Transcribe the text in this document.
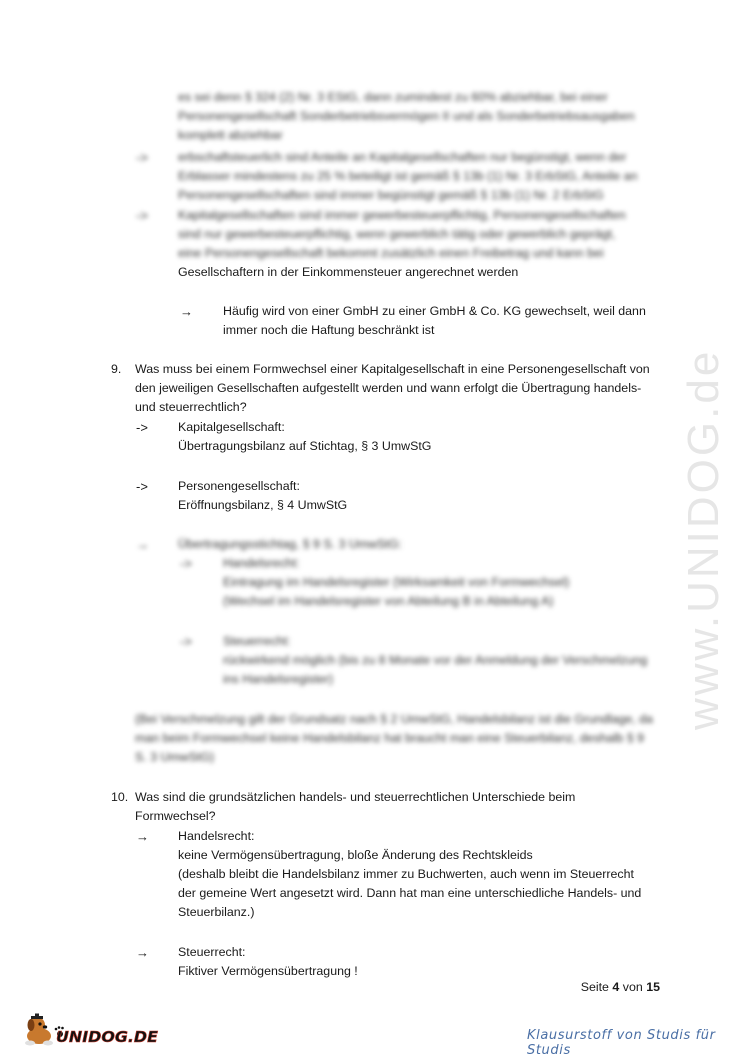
es sei denn § 324 (2) Nr. 3 EStG, dann zumindest zu 60% abziehbar, bei einer
Personengesellschaft Sonderbetriebsvermögen II und als Sonderbetriebsausgaben
komplett abziehbar
-> erbschaftsteuerlich sind Anteile an Kapitalgesellschaften nur begünstigt, wenn der
Erblasser mindestens zu 25 % beteiligt ist gemäß § 13b (1) Nr. 3 ErbStG, Anteile an
Personengesellschaften sind immer begünstigt gemäß § 13b (1) Nr. 2 ErbStG
-> Kapitalgesellschaften sind immer gewerbesteuerpflichtig, Personengesellschaften
sind nur gewerbesteuerpflichtig, wenn gewerblich tätig oder gewerblich geprägt,
eine Personengesellschaft bekommt zusätzlich einen Freibetrag und kann bei
Gesellschaftern in der Einkommensteuer angerechnet werden
→ Häufig wird von einer GmbH zu einer GmbH & Co. KG gewechselt, weil dann
immer noch die Haftung beschränkt ist
9. Was muss bei einem Formwechsel einer Kapitalgesellschaft in eine Personengesellschaft von
den jeweiligen Gesellschaften aufgestellt werden und wann erfolgt die Übertragung handels-
und steuerrechtlich?
-> Kapitalgesellschaft:
Übertragungsbilanz auf Stichtag, § 3 UmwStG
-> Personengesellschaft:
Eröffnungsbilanz, § 4 UmwStG
→ Übertragungsstichtag, § 9 S. 3 UmwStG:
->	Handelsrecht:
Eintragung im Handelsregister (Wirksamkeit von Formwechsel)
(Wechsel im Handelsregister von Abteilung B in Abteilung A)
->	Steuerrecht:
rückwirkend möglich (bis zu 8 Monate vor der Anmeldung der Verschmelzung
ins Handelsregister)
(Bei Verschmelzung gilt der Grundsatz nach § 2 UmwStG, Handelsbilanz ist die Grundlage, da
man beim Formwechsel keine Handelsbilanz hat braucht man eine Steuerbilanz, deshalb § 9
S. 3 UmwStG)
10. Was sind die grundsätzlichen handels- und steuerrechtlichen Unterschiede beim
Formwechsel?
→ Handelsrecht:
keine Vermögensübertragung, bloße Änderung des Rechtskleids
(deshalb bleibt die Handelsbilanz immer zu Buchwerten, auch wenn im Steuerrecht
der gemeine Wert angesetzt wird. Dann hat man eine unterschiedliche Handels- und
Steuerbilanz.)
→ Steuerrecht:
Fiktiver Vermögensübertragung !
www.UNIDOG.de
Seite 4 von 15
UNIDOG.DE	Klausurstoff von Studis für Studis
